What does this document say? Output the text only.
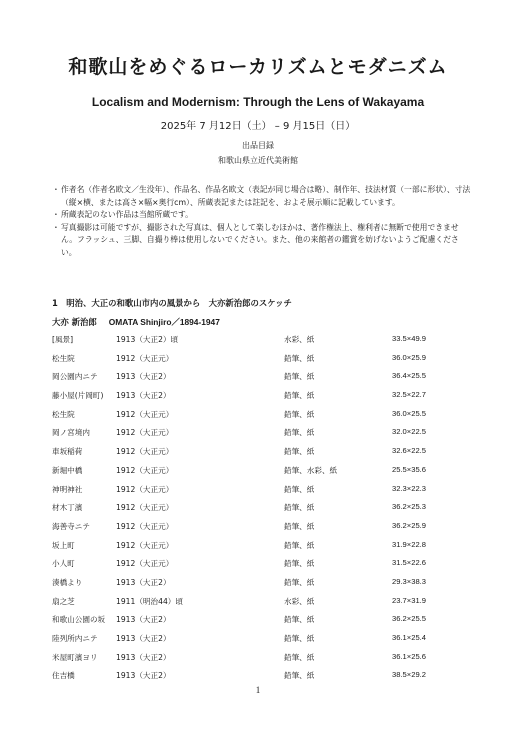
和歌山をめぐるローカリズムとモダニズム
Localism and Modernism: Through the Lens of Wakayama
2025年 7 月12日（土） – 9 月15日（日）
出品目録
和歌山県立近代美術館
・ 作者名（作者名欧文／生没年）、作品名、作品名欧文（表記が同じ場合は略）、制作年、技法材質（一部に形状）、寸法（縦×横、または高さ×幅×奥行cm）、所蔵表記または註記を、およそ展示順に記載しています。
・ 所蔵表記のない作品は当館所蔵です。
・ 写真撮影は可能ですが、撮影された写真は、個人として楽しむほかは、著作権法上、権利者に無断で使用できません。フラッシュ、三脚、自撮り棒は使用しないでください。また、他の来館者の鑑賞を妨げないようご配慮ください。
1　明治、大正の和歌山市内の風景から　大亦新治郎のスケッチ
大亦 新治郎 OMATA Shinjiro／1894-1947
[風景]	1913（大正2）頃	水彩、紙	33.5×49.9
松生院	1912（大正元）	鉛筆、紙	36.0×25.9
岡公園内ニテ 1913（大正2）	鉛筆、紙	36.4×25.5
藤小屋(片岡町) 1913（大正2）	鉛筆、紙	32.5×22.7
松生院	1912（大正元）	鉛筆、紙	36.0×25.5
岡ノ宮境内	1912（大正元）	鉛筆、紙	32.0×22.5
車坂稲荷	1912（大正元）	鉛筆、紙	32.6×22.5
新堀中橋	1912（大正元）	鉛筆、水彩、紙	25.5×35.6
神明神社	1912（大正元）	鉛筆、紙	32.3×22.3
材木丁濱	1912（大正元）	鉛筆、紙	36.2×25.3
海善寺ニテ	1912（大正元）	鉛筆、紙	36.2×25.9
坂上町	1912（大正元）	鉛筆、紙	31.9×22.8
小人町	1912（大正元）	鉛筆、紙	31.5×22.6
湊橋より	1913（大正2）	鉛筆、紙	29.3×38.3
扇之芝	1911（明治44）頃	水彩、紙	23.7×31.9
和歌山公園の坂 1913（大正2）	鉛筆、紙	36.2×25.5
陸列所内ニテ 1913（大正2）	鉛筆、紙	36.1×25.4
米屋町濱ヨリ 1913（大正2）	鉛筆、紙	36.1×25.6
住吉橋	1913（大正2）	鉛筆、紙	38.5×29.2
1
